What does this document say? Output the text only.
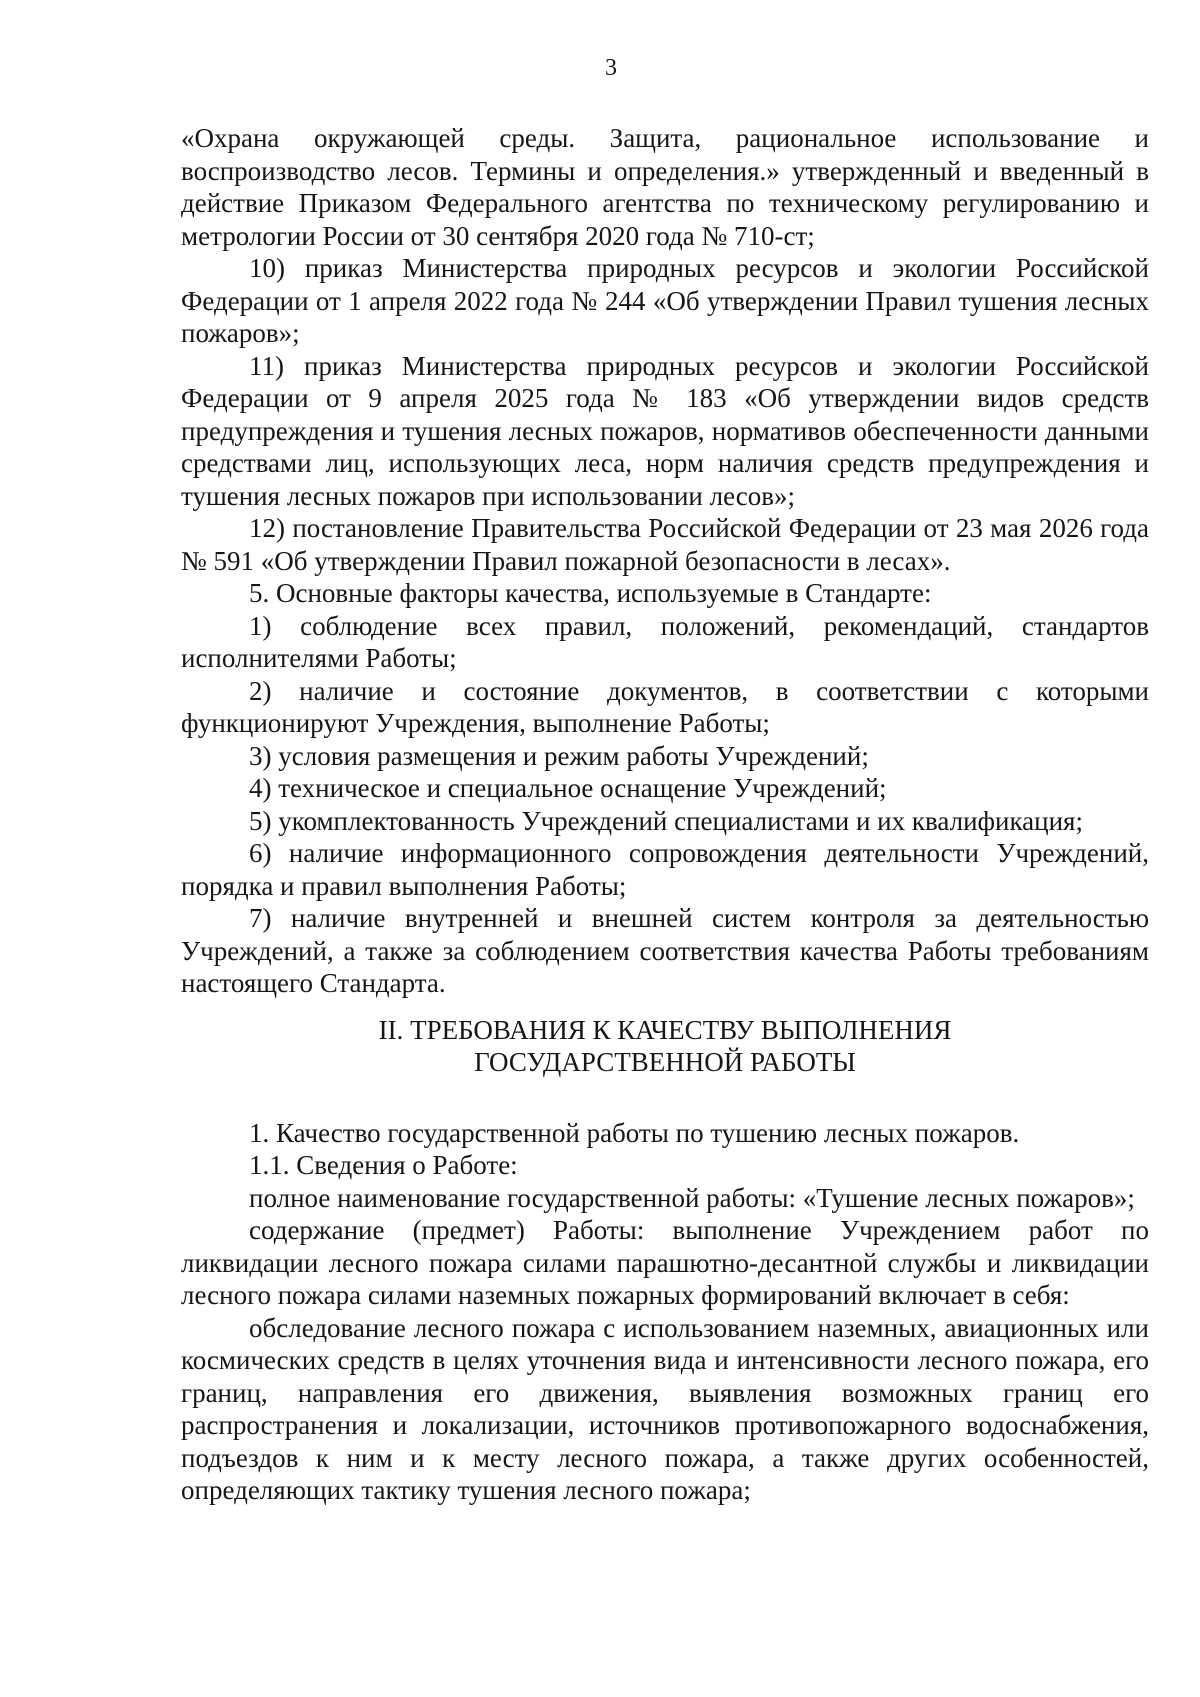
3

«Охрана окружающей среды. Защита, рациональное использование и воспроизводство лесов. Термины и определения.» утвержденный и введенный в действие Приказом Федерального агентства по техническому регулированию и метрологии России от 30 сентября 2020 года № 710-ст;

10) приказ Министерства природных ресурсов и экологии Российской Федерации от 1 апреля 2022 года № 244 «Об утверждении Правил тушения лесных пожаров»;

11) приказ Министерства природных ресурсов и экологии Российской Федерации от 9 апреля 2025 года № 183 «Об утверждении видов средств предупреждения и тушения лесных пожаров, нормативов обеспеченности данными средствами лиц, использующих леса, норм наличия средств предупреждения и тушения лесных пожаров при использовании лесов»;

12) постановление Правительства Российской Федерации от 23 мая 2026 года № 591 «Об утверждении Правил пожарной безопасности в лесах».

5. Основные факторы качества, используемые в Стандарте:

1) соблюдение всех правил, положений, рекомендаций, стандартов исполнителями Работы;

2) наличие и состояние документов, в соответствии с которыми функционируют Учреждения, выполнение Работы;

3) условия размещения и режим работы Учреждений;

4) техническое и специальное оснащение Учреждений;

5) укомплектованность Учреждений специалистами и их квалификация;

6) наличие информационного сопровождения деятельности Учреждений, порядка и правил выполнения Работы;

7) наличие внутренней и внешней систем контроля за деятельностью Учреждений, а также за соблюдением соответствия качества Работы требованиям настоящего Стандарта.

II. ТРЕБОВАНИЯ К КАЧЕСТВУ ВЫПОЛНЕНИЯ
ГОСУДАРСТВЕННОЙ РАБОТЫ

1. Качество государственной работы по тушению лесных пожаров.

1.1. Сведения о Работе:

полное наименование государственной работы: «Тушение лесных пожаров»;

содержание (предмет) Работы: выполнение Учреждением работ по ликвидации лесного пожара силами парашютно-десантной службы и ликвидации лесного пожара силами наземных пожарных формирований включает в себя:

обследование лесного пожара с использованием наземных, авиационных или космических средств в целях уточнения вида и интенсивности лесного пожара, его границ, направления его движения, выявления возможных границ его распространения и локализации, источников противопожарного водоснабжения, подъездов к ним и к месту лесного пожара, а также других особенностей, определяющих тактику тушения лесного пожара;
